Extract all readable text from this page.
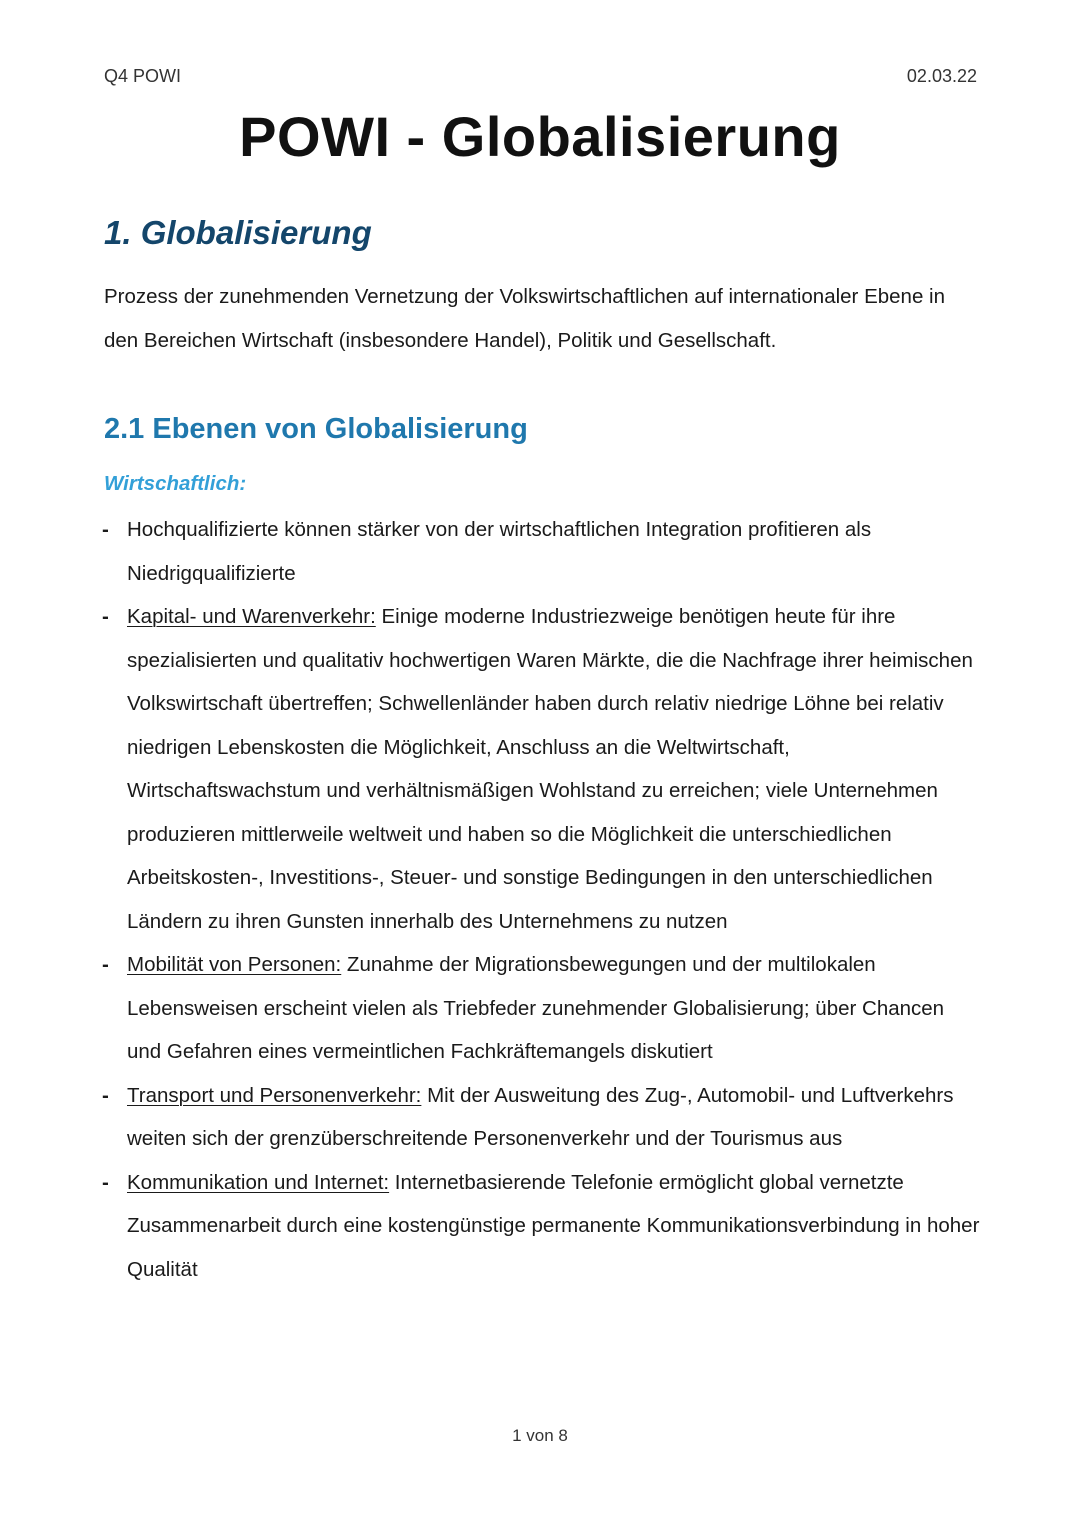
Q4 POWI	02.03.22
POWI - Globalisierung
1. Globalisierung
Prozess der zunehmenden Vernetzung der Volkswirtschaftlichen auf internationaler Ebene in den Bereichen Wirtschaft (insbesondere Handel), Politik und Gesellschaft.
2.1 Ebenen von Globalisierung
Wirtschaftlich:
- Hochqualifizierte können stärker von der wirtschaftlichen Integration profitieren als Niedrigqualifizierte
- Kapital- und Warenverkehr: Einige moderne Industriezweige benötigen heute für ihre spezialisierten und qualitativ hochwertigen Waren Märkte, die die Nachfrage ihrer heimischen Volkswirtschaft übertreffen; Schwellenländer haben durch relativ niedrige Löhne bei relativ niedrigen Lebenskosten die Möglichkeit, Anschluss an die Weltwirtschaft, Wirtschaftswachstum und verhältnismäßigen Wohlstand zu erreichen; viele Unternehmen produzieren mittlerweile weltweit und haben so die Möglichkeit die unterschiedlichen Arbeitskosten-, Investitions-, Steuer- und sonstige Bedingungen in den unterschiedlichen Ländern zu ihren Gunsten innerhalb des Unternehmens zu nutzen
- Mobilität von Personen: Zunahme der Migrationsbewegungen und der multilokalen Lebensweisen erscheint vielen als Triebfeder zunehmender Globalisierung; über Chancen und Gefahren eines vermeintlichen Fachkräftemangels diskutiert
- Transport und Personenverkehr: Mit der Ausweitung des Zug-, Automobil- und Luftverkehrs weiten sich der grenzüberschreitende Personenverkehr und der Tourismus aus
- Kommunikation und Internet: Internetbasierende Telefonie ermöglicht global vernetzte Zusammenarbeit durch eine kostengünstige permanente Kommunikationsverbindung in hoher Qualität
1 von 8
